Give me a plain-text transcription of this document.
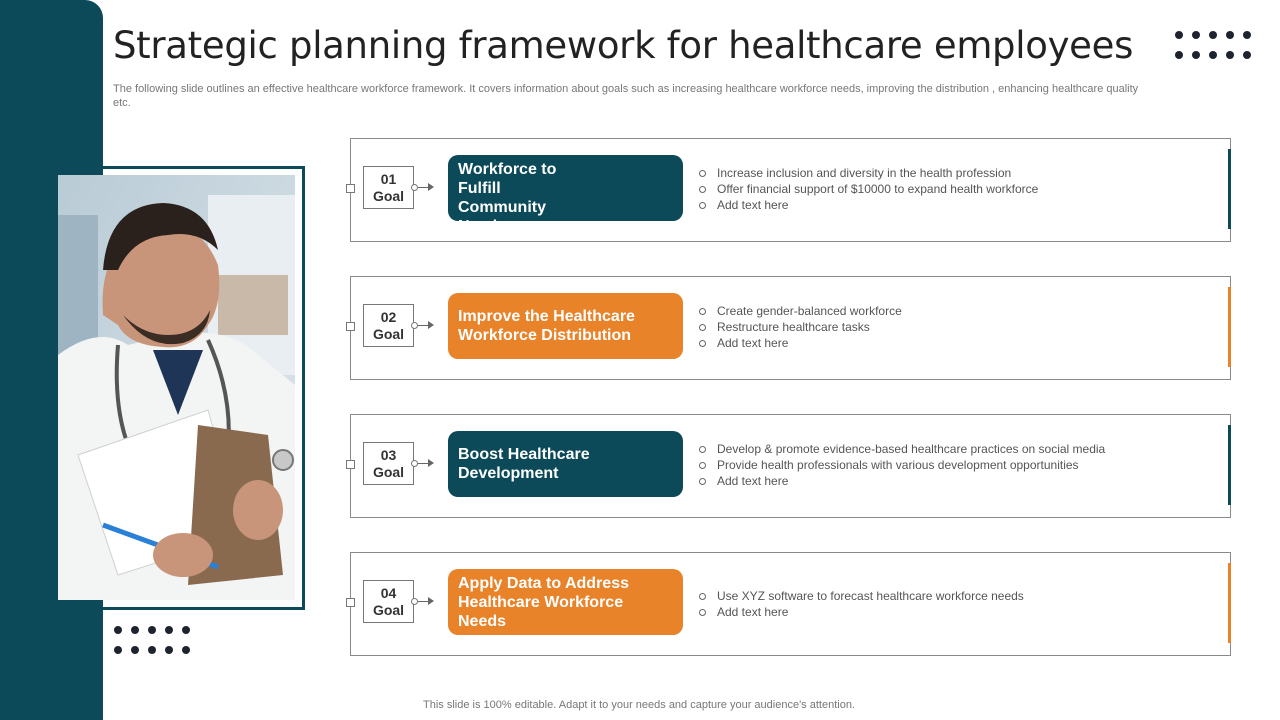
Strategic planning framework for healthcare employees

The following slide outlines an effective healthcare workforce framework. It covers information about goals such as increasing healthcare workforce needs, improving the distribution , enhancing healthcare quality etc.

01
Goal
Increase the Workforce to Fulfill Community Needs
Increase inclusion and diversity in the health profession
Offer financial support of $10000 to expand health workforce
Add text here
02
Goal
Improve the Healthcare Workforce Distribution
Create gender-balanced workforce
Restructure healthcare tasks
Add text here
03
Goal
Boost Healthcare Development
Develop & promote evidence-based healthcare practices on social media
Provide health professionals with various development opportunities
Add text here
04
Goal
Apply Data to Address Healthcare Workforce Needs
Use XYZ software to forecast healthcare workforce needs
Add text here
This slide is 100% editable. Adapt it to your needs and capture your audience's attention.
